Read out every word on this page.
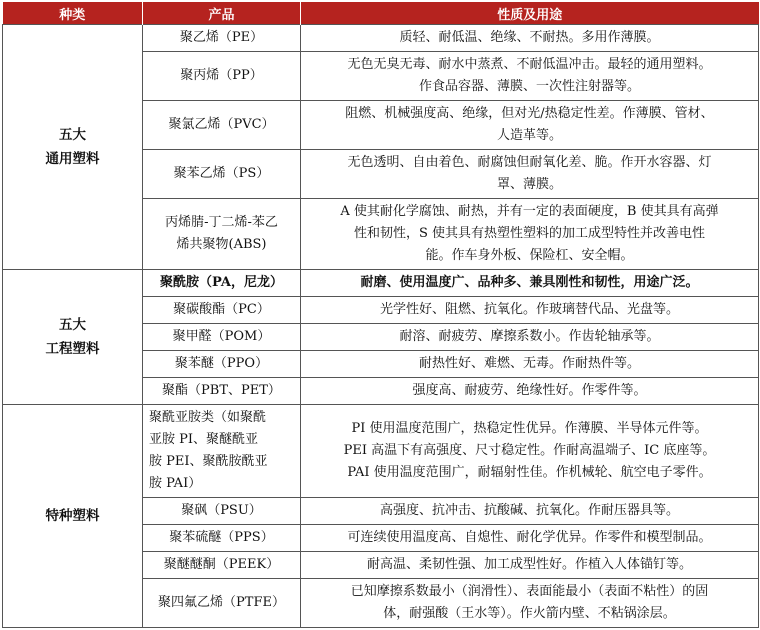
种类	产品	性质及用途

五大
通用塑料	聚乙烯（PE）	质轻、耐低温、绝缘、不耐热。多用作薄膜。

	聚丙烯（PP）	无色无臭无毒、耐水中蒸煮、不耐低温冲击。最轻的通用塑料。
作食品容器、薄膜、一次性注射器等。

	聚氯乙烯（PVC）	阻燃、机械强度高、绝缘，但对光/热稳定性差。作薄膜、管材、
人造革等。

	聚苯乙烯（PS）	无色透明、自由着色、耐腐蚀但耐氧化差、脆。作开水容器、灯
罩、薄膜。

	丙烯腈-丁二烯-苯乙
烯共聚物(ABS)	A 使其耐化学腐蚀、耐热，并有一定的表面硬度，B 使其具有高弹
性和韧性，S 使其具有热塑性塑料的加工成型特性并改善电性
能。作车身外板、保险杠、安全帽。

五大
工程塑料	聚酰胺（PA，尼龙）	耐磨、使用温度广、品种多、兼具刚性和韧性，用途广泛。

	聚碳酸酯（PC）	光学性好、阻燃、抗氧化。作玻璃替代品、光盘等。

	聚甲醛（POM）	耐溶、耐疲劳、摩擦系数小。作齿轮轴承等。

	聚苯醚（PPO）	耐热性好、难燃、无毒。作耐热件等。

	聚酯（PBT、PET）	强度高、耐疲劳、绝缘性好。作零件等。

特种塑料	聚酰亚胺类（如聚酰
亚胺 PI、聚醚酰亚
胺 PEI、聚酰胺酰亚
胺 PAI）	PI 使用温度范围广，热稳定性优异。作薄膜、半导体元件等。
PEI 高温下有高强度、尺寸稳定性。作耐高温端子、IC 底座等。
PAI 使用温度范围广，耐辐射性佳。作机械轮、航空电子零件。

	聚砜（PSU）	高强度、抗冲击、抗酸碱、抗氧化。作耐压器具等。

	聚苯硫醚（PPS）	可连续使用温度高、自熄性、耐化学优异。作零件和模型制品。

	聚醚醚酮（PEEK）	耐高温、柔韧性强、加工成型性好。作植入人体锚钉等。

	聚四氟乙烯（PTFE）	已知摩擦系数最小（润滑性）、表面能最小（表面不粘性）的固
体，耐强酸（王水等）。作火箭内壁、不粘锅涂层。
